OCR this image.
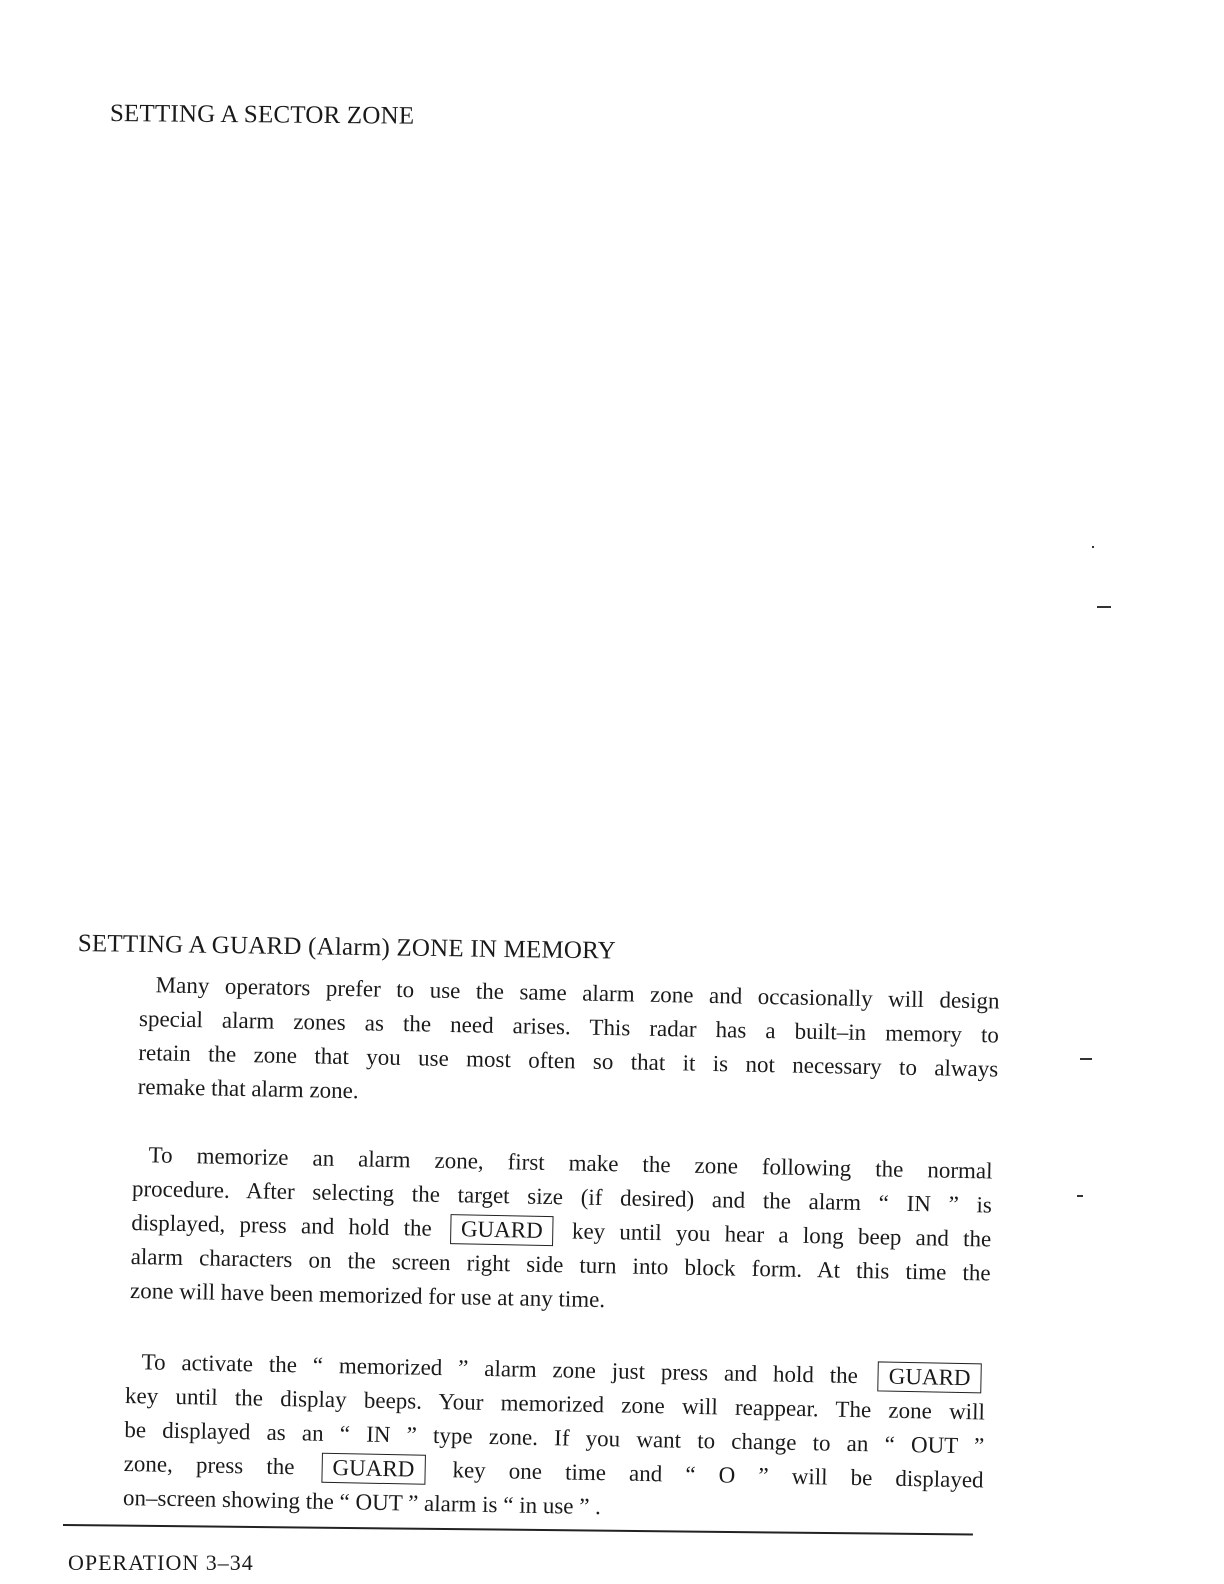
SETTING A SECTOR ZONE
SETTING A GUARD (Alarm) ZONE IN MEMORY
Many operators prefer to use the same alarm zone and occasionally will design
special alarm zones as the need arises. This radar has a built–in memory to
retain the zone that you use most often so that it is not necessary to always
remake that alarm zone.
To memorize an alarm zone, first make the zone following the normal
procedure. After selecting the target size (if desired) and the alarm “ IN ” is
displayed, press and hold the GUARD key until you hear a long beep and the
alarm characters on the screen right side turn into block form. At this time the
zone will have been memorized for use at any time.
To activate the “ memorized ” alarm zone just press and hold the GUARD
key until the display beeps. Your memorized zone will reappear. The zone will
be displayed as an “ IN ” type zone. If you want to change to an “ OUT ”
zone, press the GUARD key one time and “ O ” will be displayed
on–screen showing the “ OUT ” alarm is “ in use ” .
OPERATION 3–34
